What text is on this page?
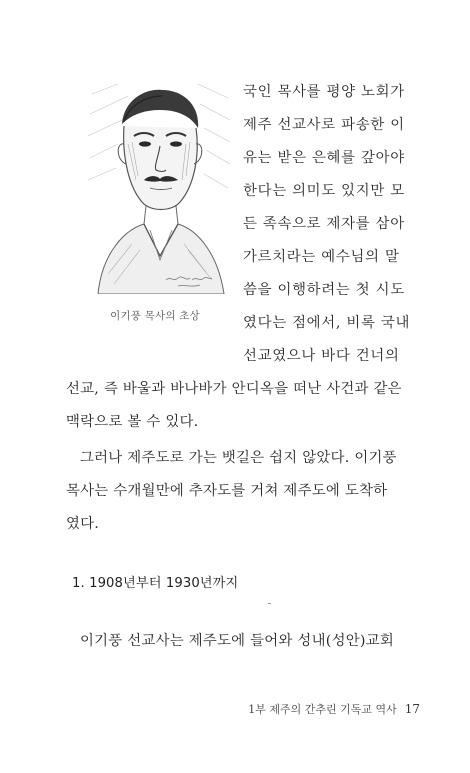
이기풍 목사의 초상
국인 목사를 평양 노회가
제주 선교사로 파송한 이
유는 받은 은혜를 갚아야
한다는 의미도 있지만 모
든 족속으로 제자를 삼아
가르치라는 예수님의 말
씀을 이행하려는 첫 시도
였다는 점에서, 비록 국내
선교였으나 바다 건너의
선교, 즉 바울과 바나바가 안디옥을 떠난 사건과 같은
맥락으로 볼 수 있다.
그러나 제주도로 가는 뱃길은 쉽지 않았다. 이기풍
목사는 수개월만에 추자도를 거쳐 제주도에 도착하
였다.
1. 1908년부터 1930년까지
이기풍 선교사는 제주도에 들어와 성내(성안)교회
1부 제주의 간추린 기독교 역사 17
